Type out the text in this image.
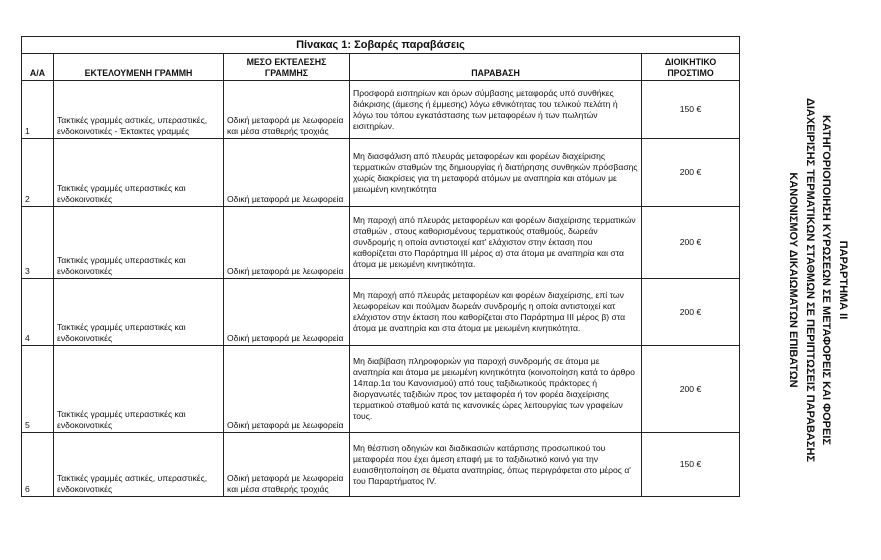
Πίνακας 1: Σοβαρές παραβάσεις				
Α/Α	ΕΚΤΕΛΟΥΜΕΝΗ ΓΡΑΜΜΗ	ΜΕΣΟ ΕΚΤΕΛΕΣΗΣ ΓΡΑΜΜΗΣ	ΠΑΡΑΒΑΣΗ	ΔΙΟΙΚΗΤΙΚΟ ΠΡΟΣΤΙΜΟ
1	Τακτικές γραμμές αστικές, υπεραστικές, ενδοκοινοτικές - Έκτακτες γραμμές	Οδική μεταφορά με λεωφορεία και μέσα σταθερής τροχιάς	Προσφορά εισιτηρίων και όρων σύμβασης μεταφοράς υπό συνθήκες διάκρισης (άμεσης ή έμμεσης) λόγω εθνικότητας του τελικού πελάτη ή λόγω του τόπου εγκατάστασης των μεταφορέων ή των πωλητών εισιτηρίων.	150 €
2	Τακτικές γραμμές υπεραστικές και ενδοκοινοτικές	Οδική μεταφορά με λεωφορεία	Μη διασφάλιση από πλευράς μεταφορέων και φορέων διαχείρισης τερματικών σταθμών της δημιουργίας ή διατήρησης συνθηκών πρόσβασης χωρίς διακρίσεις για τη μεταφορά ατόμων με αναπηρία και ατόμων με μειωμένη κινητικότητα	200 €
3	Τακτικές γραμμές υπεραστικές και ενδοκοινοτικές	Οδική μεταφορά με λεωφορεία	Μη παροχή από πλευράς μεταφορέων και φορέων διαχείρισης τερματικών σταθμών , στους καθορισμένους τερματικούς σταθμούς, δωρεάν συνδρομής η οποία αντιστοιχεί κατ' ελάχιστον στην έκταση που καθορίζεται στο Παράρτημα ΙΙΙ μέρος α) στα άτομα με αναπηρία και στα άτομα με μειωμένη κινητικότητα.	200 €
4	Τακτικές γραμμές υπεραστικές και ενδοκοινοτικές	Οδική μεταφορά με λεωφορεία	Μη παροχή από πλευράς μεταφορέων και φορέων διαχείρισης, επί των λεωφορείων και πούλμαν δωρεάν συνδρομής η οποία αντιστοιχεί κατ ελάχιστον στην έκταση που καθορίζεται στο Παράρτημα ΙΙΙ μέρος β) στα άτομα με αναπηρία και στα άτομα με μειωμένη κινητικότητα.	200 €
5	Τακτικές γραμμές υπεραστικές και ενδοκοινοτικές	Οδική μεταφορά με λεωφορεία	Μη διαβίβαση πληροφοριών για παροχή συνδρομής σε άτομα με αναπηρία και άτομα με μειωμένη κινητικότητα (κοινοποίηση κατά το άρθρο 14παρ.1α του Κανονισμού) από τους ταξιδιωτικούς πράκτορες ή διοργανωτές ταξιδιών προς τον μεταφορέα ή τον φορέα διαχείρισης τερματικού σταθμού κατά τις κανονικές ώρες λειτουργίας των γραφείων τους.	200 €
6	Τακτικές γραμμές αστικές, υπεραστικές, ενδοκοινοτικές	Οδική μεταφορά με λεωφορεία και μέσα σταθερής τροχιάς	Μη θέσπιση οδηγιών και διαδικασιών κατάρτισης προσωπικού του μεταφορέα που έχει άμεση επαφή με το ταξιδιωτικό κοινό για την ευαισθητοποίηση σε θέματα αναπηρίας, όπως περιγράφεται στο μέρος α' του Παραρτήματος IV.	150 €
ΠΑΡΑΡΤΗΜΑ ΙΙ
ΚΑΤΗΓΟΡΙΟΠΟΙΗΣΗ ΚΥΡΩΣΕΩΝ ΣΕ ΜΕΤΑΦΟΡΕΙΣ ΚΑΙ ΦΟΡΕΙΣ
ΔΙΑΧΕΙΡΙΣΗΣ ΤΕΡΜΑΤΙΚΩΝ ΣΤΑΘΜΩΝ ΣΕ ΠΕΡΙΠΤΩΣΕΙΣ ΠΑΡΑΒΑΣΗΣ
ΚΑΝΟΝΙΣΜΟΥ ΔΙΚΑΙΩΜΑΤΩΝ ΕΠΙΒΑΤΩΝ
